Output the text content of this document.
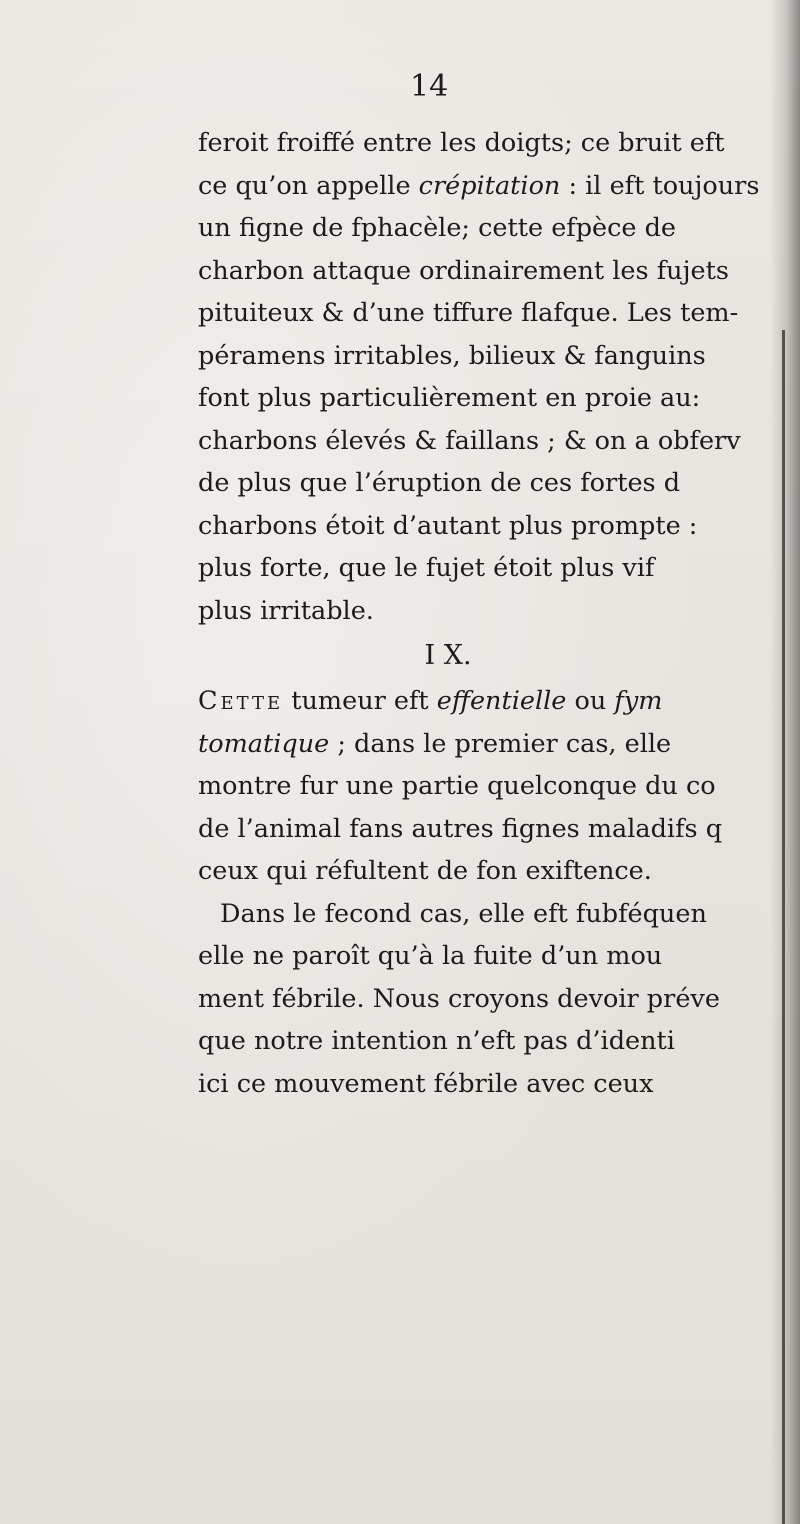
14
feroit froiffé entre les doigts; ce bruit eft
ce qu’on appelle crépitation : il eft toujours
un figne de fphacèle; cette efpèce de
charbon attaque ordinairement les fujets
pituiteux & d’une tiffure flafque. Les tem-
péramens irritables, bilieux & fanguins
font plus particulièrement en proie au:
charbons élevés & faillans ; & on a obferv
de plus que l’éruption de ces fortes d
charbons étoit d’autant plus prompte :
plus forte, que le fujet étoit plus vif
plus irritable.
I X.
Cette tumeur eft effentielle ou fym
tomatique ; dans le premier cas, elle
montre fur une partie quelconque du co
de l’animal fans autres fignes maladifs q
ceux qui réfultent de fon exiftence.
Dans le fecond cas, elle eft fubféquen
elle ne paroît qu’à la fuite d’un mou
ment fébrile. Nous croyons devoir préve
que notre intention n’eft pas d’identi
ici ce mouvement fébrile avec ceux
